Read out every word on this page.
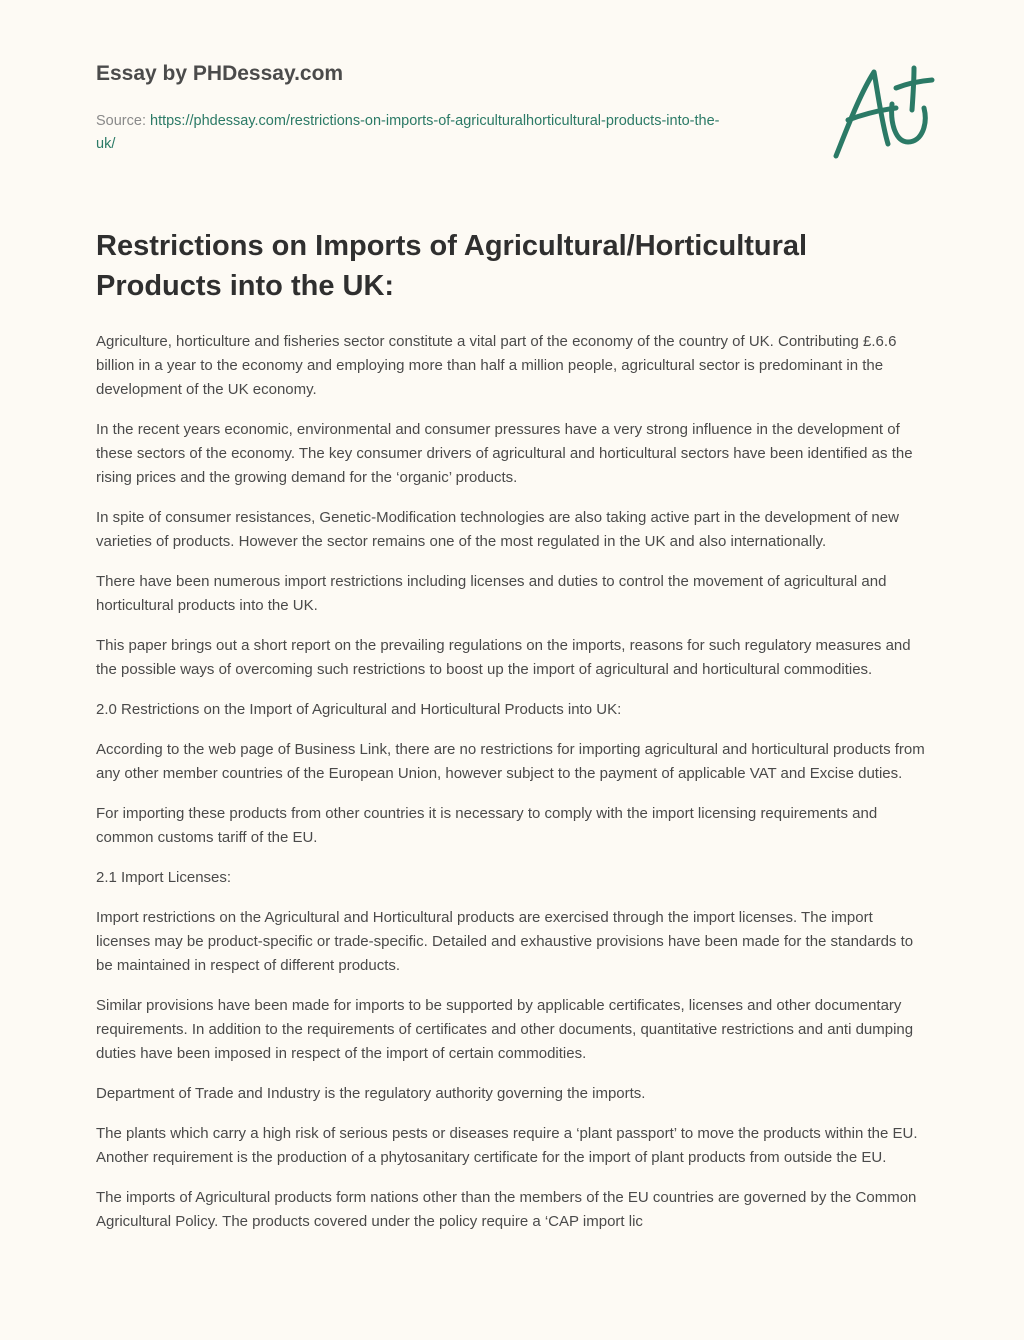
Essay by PHDessay.com
Source: https://phdessay.com/restrictions-on-imports-of-agriculturalhorticultural-products-into-the-uk/
Restrictions on Imports of Agricultural/Horticultural Products into the UK:

Agriculture, horticulture and fisheries sector constitute a vital part of the economy of the country of UK. Contributing £.6.6 billion in a year to the economy and employing more than half a million people, agricultural sector is predominant in the development of the UK economy.

In the recent years economic, environmental and consumer pressures have a very strong influence in the development of these sectors of the economy. The key consumer drivers of agricultural and horticultural sectors have been identified as the rising prices and the growing demand for the ‘organic’ products.

In spite of consumer resistances, Genetic-Modification technologies are also taking active part in the development of new varieties of products. However the sector remains one of the most regulated in the UK and also internationally.

There have been numerous import restrictions including licenses and duties to control the movement of agricultural and horticultural products into the UK.

This paper brings out a short report on the prevailing regulations on the imports, reasons for such regulatory measures and the possible ways of overcoming such restrictions to boost up the import of agricultural and horticultural commodities.

2.0 Restrictions on the Import of Agricultural and Horticultural Products into UK:

According to the web page of Business Link, there are no restrictions for importing agricultural and horticultural products from any other member countries of the European Union, however subject to the payment of applicable VAT and Excise duties.

For importing these products from other countries it is necessary to comply with the import licensing requirements and common customs tariff of the EU.

2.1 Import Licenses:

Import restrictions on the Agricultural and Horticultural products are exercised through the import licenses. The import licenses may be product-specific or trade-specific. Detailed and exhaustive provisions have been made for the standards to be maintained in respect of different products.

Similar provisions have been made for imports to be supported by applicable certificates, licenses and other documentary requirements. In addition to the requirements of certificates and other documents, quantitative restrictions and anti dumping duties have been imposed in respect of the import of certain commodities.

Department of Trade and Industry is the regulatory authority governing the imports.

The plants which carry a high risk of serious pests or diseases require a ‘plant passport’ to move the products within the EU. Another requirement is the production of a phytosanitary certificate for the import of plant products from outside the EU.

The imports of Agricultural products form nations other than the members of the EU countries are governed by the Common Agricultural Policy. The products covered under the policy require a ‘CAP import lic
